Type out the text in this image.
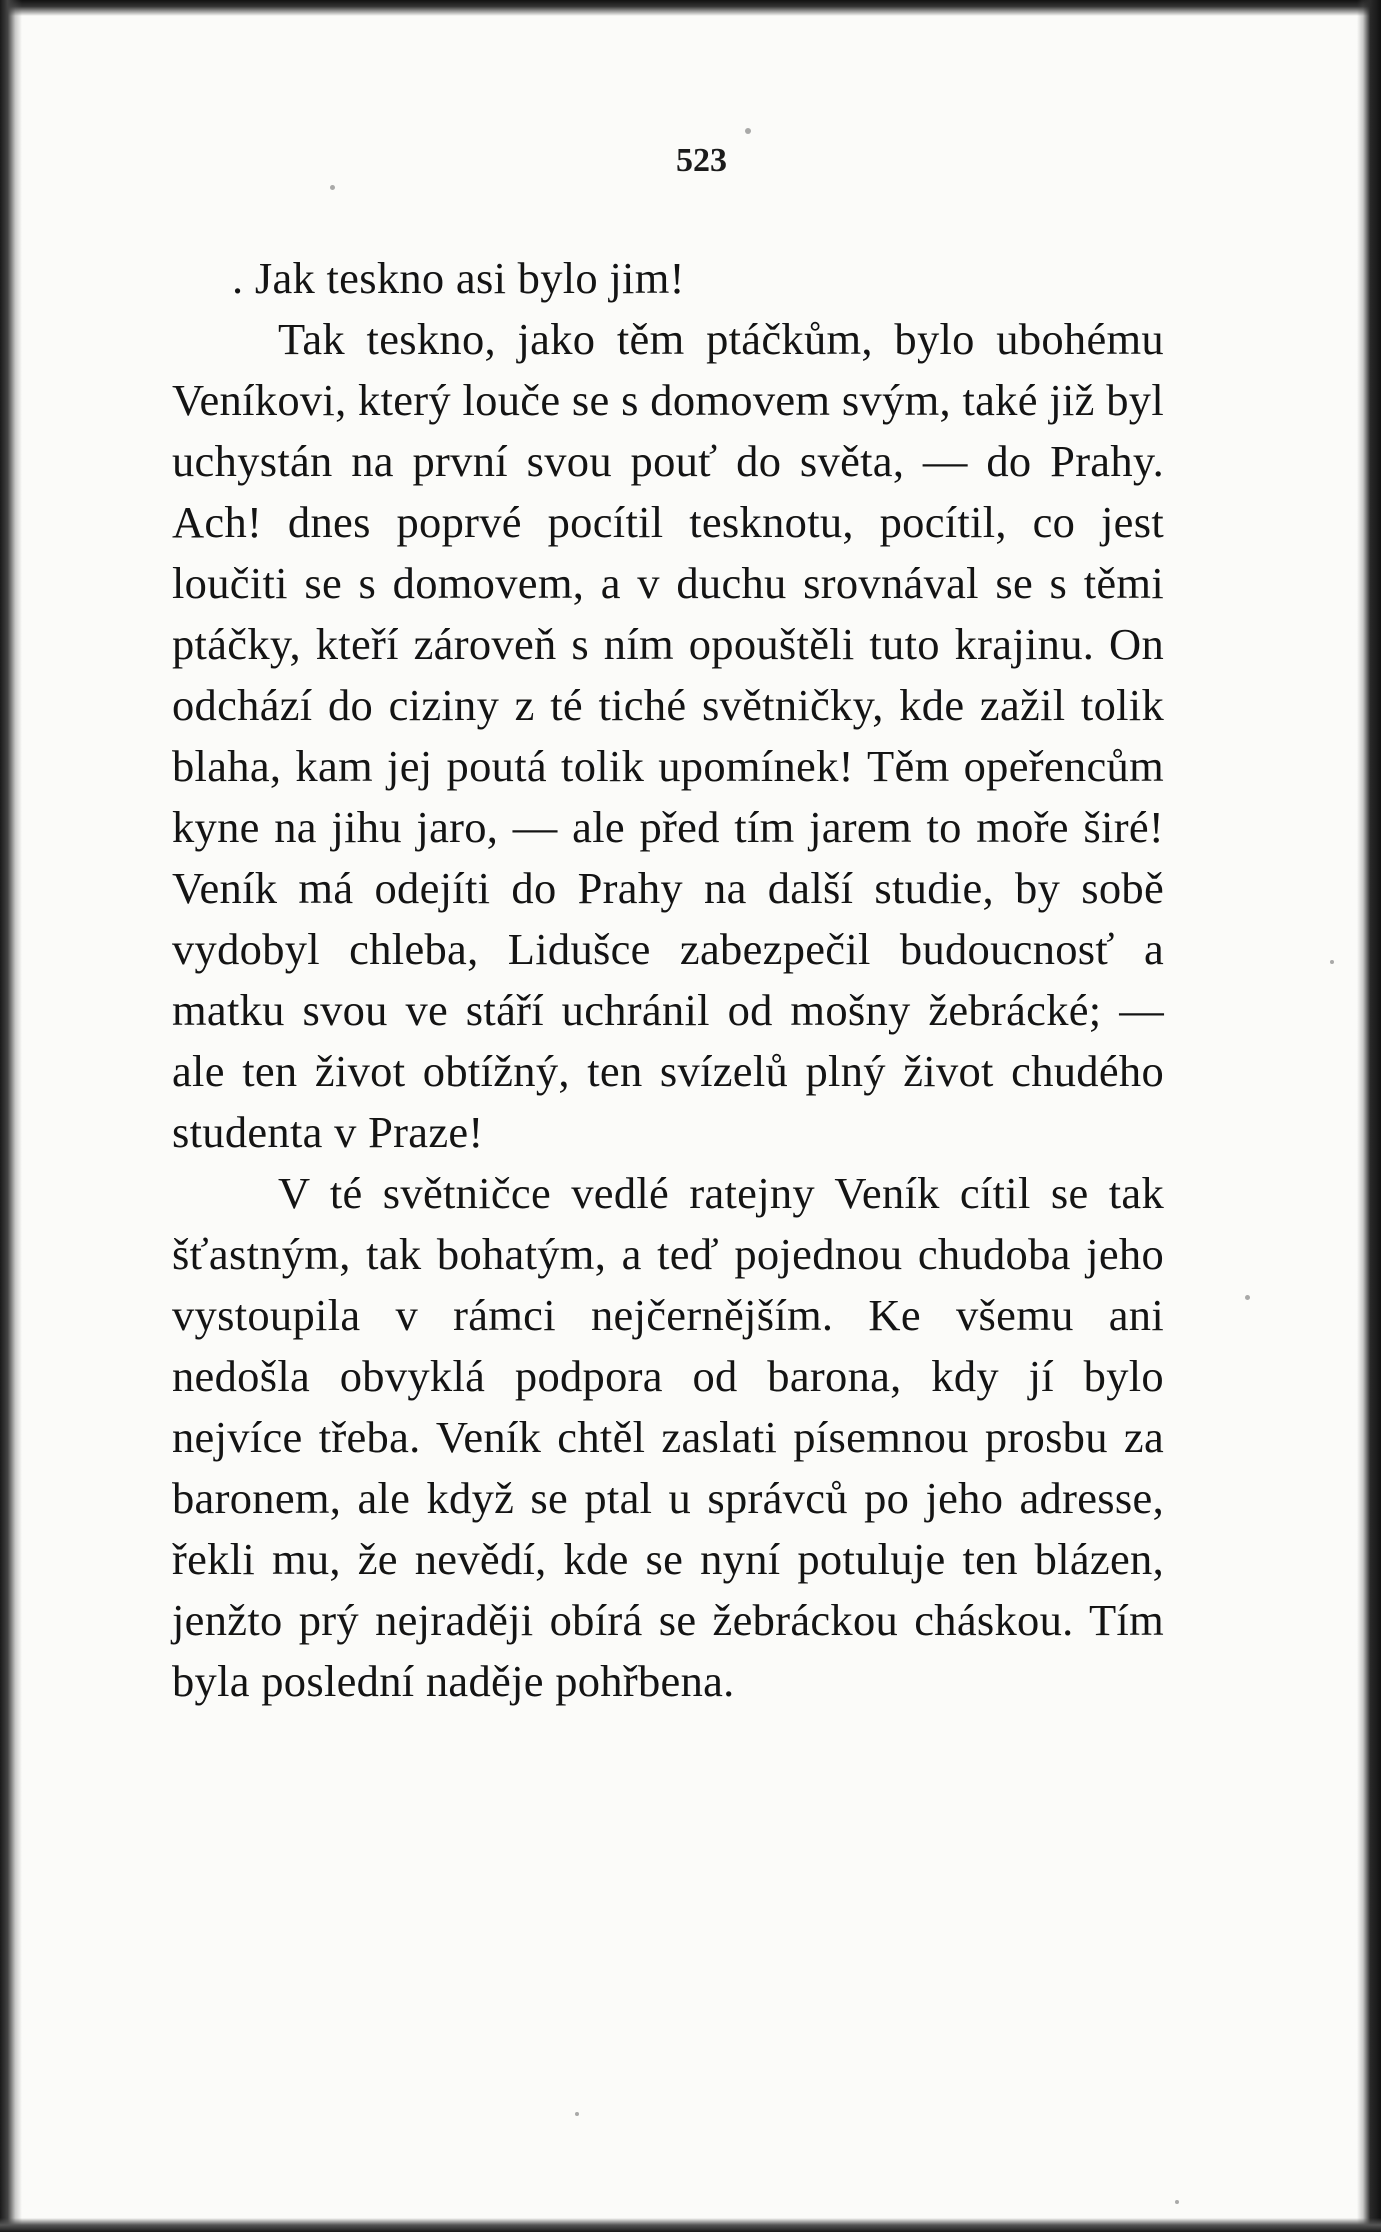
523

. Jak teskno asi bylo jim!

Tak teskno, jako těm ptáčkům, bylo ubohému Veníkovi, který louče se s domovem svým, také již byl uchystán na první svou pouť do světa, — do Prahy. Ach! dnes poprvé pocítil tesknotu, pocítil, co jest loučiti se s domovem, a v duchu srovnával se s těmi ptáčky, kteří zároveň s ním opouštěli tuto krajinu. On odchází do ciziny z té tiché světničky, kde zažil tolik blaha, kam jej poutá tolik upomínek! Těm opeřencům kyne na jihu jaro, — ale před tím jarem to moře širé! Veník má odejíti do Prahy na další studie, by sobě vydobyl chleba, Lidušce zabezpečil budoucnosť a matku svou ve stáří uchránil od mošny žebrácké; — ale ten život obtížný, ten svízelů plný život chudého studenta v Praze!

V té světničce vedlé ratejny Veník cítil se tak šťastným, tak bohatým, a teď pojednou chudoba jeho vystoupila v rámci nejčernějším. Ke všemu ani nedošla obvyklá podpora od barona, kdy jí bylo nejvíce třeba. Veník chtěl zaslati písemnou prosbu za baronem, ale když se ptal u správců po jeho adresse, řekli mu, že nevědí, kde se nyní potuluje ten blázen, jenžto prý nejraději obírá se žebráckou cháskou. Tím byla poslední naděje pohřbena.
